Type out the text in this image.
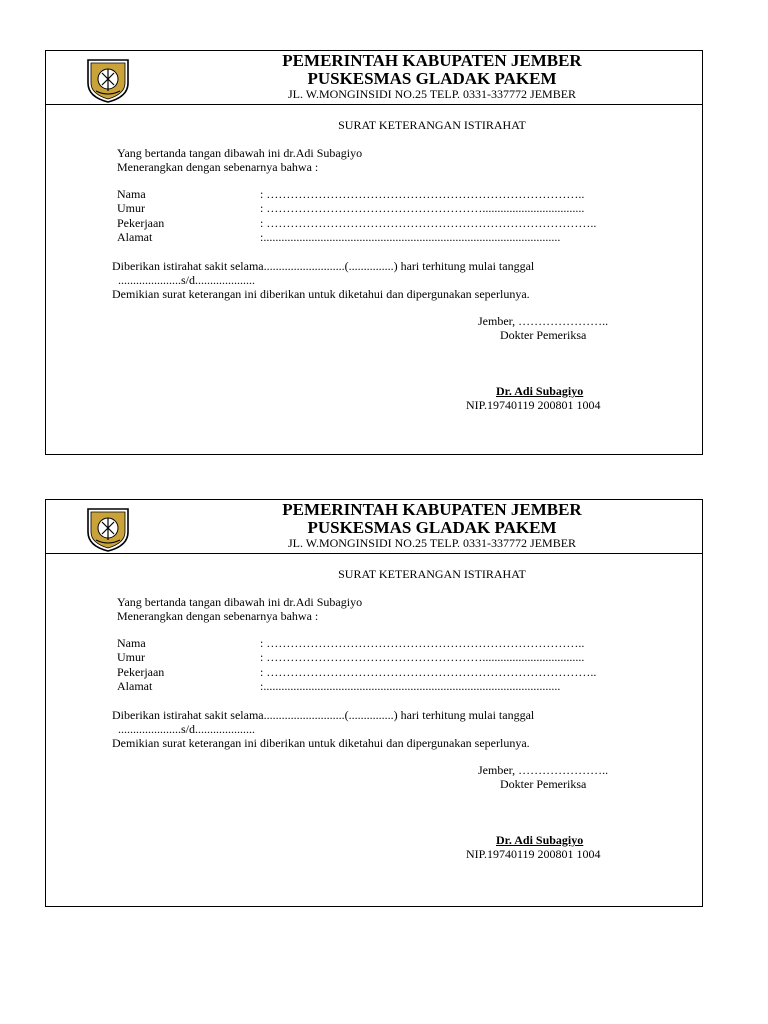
PEMERINTAH KABUPATEN JEMBER
PUSKESMAS GLADAK PAKEM
JL. W.MONGINSIDI NO.25 TELP. 0331-337772 JEMBER
SURAT KETERANGAN ISTIRAHAT
Yang bertanda tangan dibawah ini dr.Adi Subagiyo
Menerangkan dengan sebenarnya bahwa :
Nama	: ……………………………………………………………………..
Umur	: ………………………………………………..................................
Pekerjaan	: ………………………………………………………………………..
Alamat	:...................................................................................................
Diberikan istirahat sakit selama...........................(...............) hari terhitung mulai tanggal
.....................s/d....................
Demikian surat keterangan ini diberikan untuk diketahui dan dipergunakan seperlunya.
Jember, …………………..
Dokter Pemeriksa
Dr. Adi Subagiyo
NIP.19740119 200801 1004
PEMERINTAH KABUPATEN JEMBER
PUSKESMAS GLADAK PAKEM
JL. W.MONGINSIDI NO.25 TELP. 0331-337772 JEMBER
SURAT KETERANGAN ISTIRAHAT
Yang bertanda tangan dibawah ini dr.Adi Subagiyo
Menerangkan dengan sebenarnya bahwa :
Nama	: ……………………………………………………………………..
Umur	: ………………………………………………..................................
Pekerjaan	: ………………………………………………………………………..
Alamat	:...................................................................................................
Diberikan istirahat sakit selama...........................(...............) hari terhitung mulai tanggal
.....................s/d....................
Demikian surat keterangan ini diberikan untuk diketahui dan dipergunakan seperlunya.
Jember, …………………..
Dokter Pemeriksa
Dr. Adi Subagiyo
NIP.19740119 200801 1004
